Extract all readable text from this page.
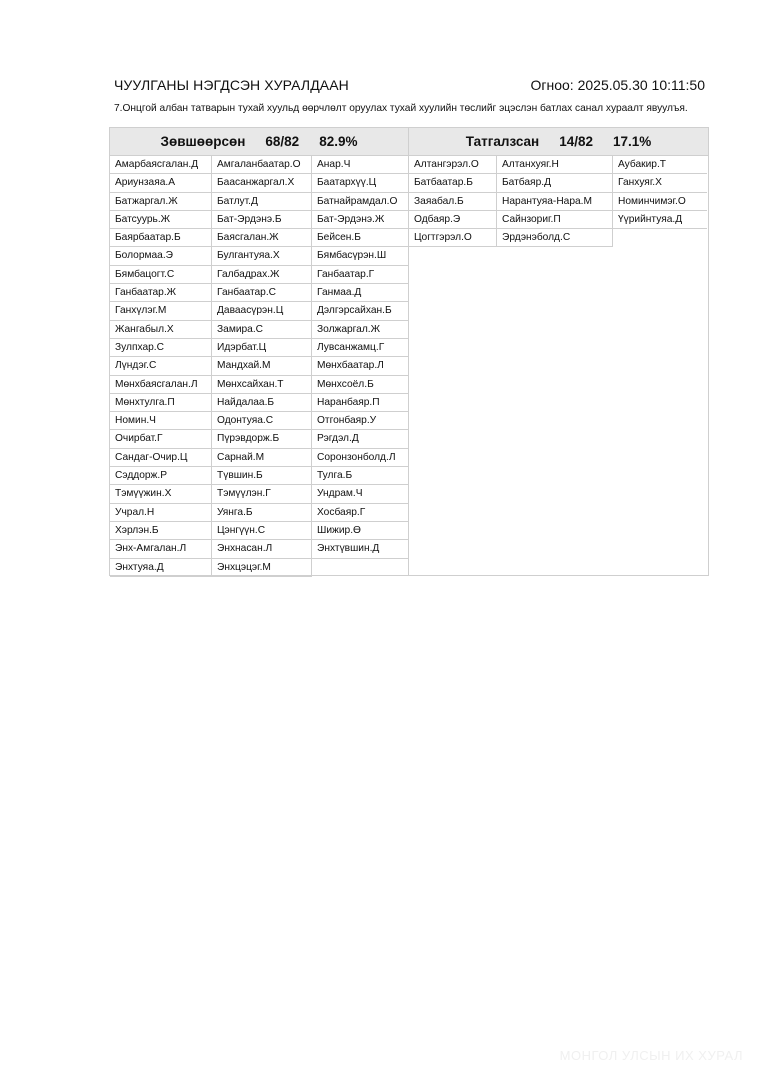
ЧУУЛГАНЫ НЭГДСЭН ХУРАЛДААН	Огноо: 2025.05.30 10:11:50
7.Онцгой албан татварын тухай хуульд өөрчлөлт оруулах тухай хуулийн төслийг эцэслэн батлах санал хураалт явуулъя.
Зөвшөөрсөн 68/82 82.9%
Амарбаясгалан.Д	Амгаланбаатар.О	Анар.Ч
Ариунзаяа.А	Баасанжаргал.Х	Баатархүү.Ц
Батжаргал.Ж	Батлут.Д	Батнайрамдал.О
Батсуурь.Ж	Бат-Эрдэнэ.Б	Бат-Эрдэнэ.Ж
Баярбаатар.Б	Баясгалан.Ж	Бейсен.Б
Болормаа.Э	Булгантуяа.Х	Бямбасүрэн.Ш
Бямбацогт.С	Галбадрах.Ж	Ганбаатар.Г
Ганбаатар.Ж	Ганбаатар.С	Ганмаа.Д
Ганхүлэг.М	Даваасүрэн.Ц	Дэлгэрсайхан.Б
Жангабыл.Х	Замира.С	Золжаргал.Ж
Зулпхар.С	Идэрбат.Ц	Лувсанжамц.Г
Лүндэг.С	Мандхай.М	Мөнхбаатар.Л
Мөнхбаясгалан.Л	Мөнхсайхан.Т	Мөнхсоёл.Б
Мөнхтулга.П	Найдалаа.Б	Наранбаяр.П
Номин.Ч	Одонтуяа.С	Отгонбаяр.У
Очирбат.Г	Пүрэвдорж.Б	Рэгдэл.Д
Сандаг-Очир.Ц	Сарнай.М	Соронзонболд.Л
Сэддорж.Р	Түвшин.Б	Тулга.Б
Тэмүүжин.Х	Тэмүүлэн.Г	Ундрам.Ч
Учрал.Н	Уянга.Б	Хосбаяр.Г
Хэрлэн.Б	Цэнгүүн.С	Шижир.Ө
Энх-Амгалан.Л	Энхнасан.Л	Энхтүвшин.Д
Энхтуяа.Д	Энхцэцэг.М
Татгалзсан 14/82 17.1%
Алтангэрэл.О	Алтанхуяг.Н	Аубакир.Т
Батбаатар.Б	Батбаяр.Д	Ганхуяг.Х
Заяабал.Б	Нарантуяа-Нара.М	Номинчимэг.О
Одбаяр.Э	Сайнзориг.П	Үүрийнтуяа.Д
Цогтгэрэл.О	Эрдэнэболд.С
МОНГОЛ УЛСЫН ИХ ХУРАЛ
